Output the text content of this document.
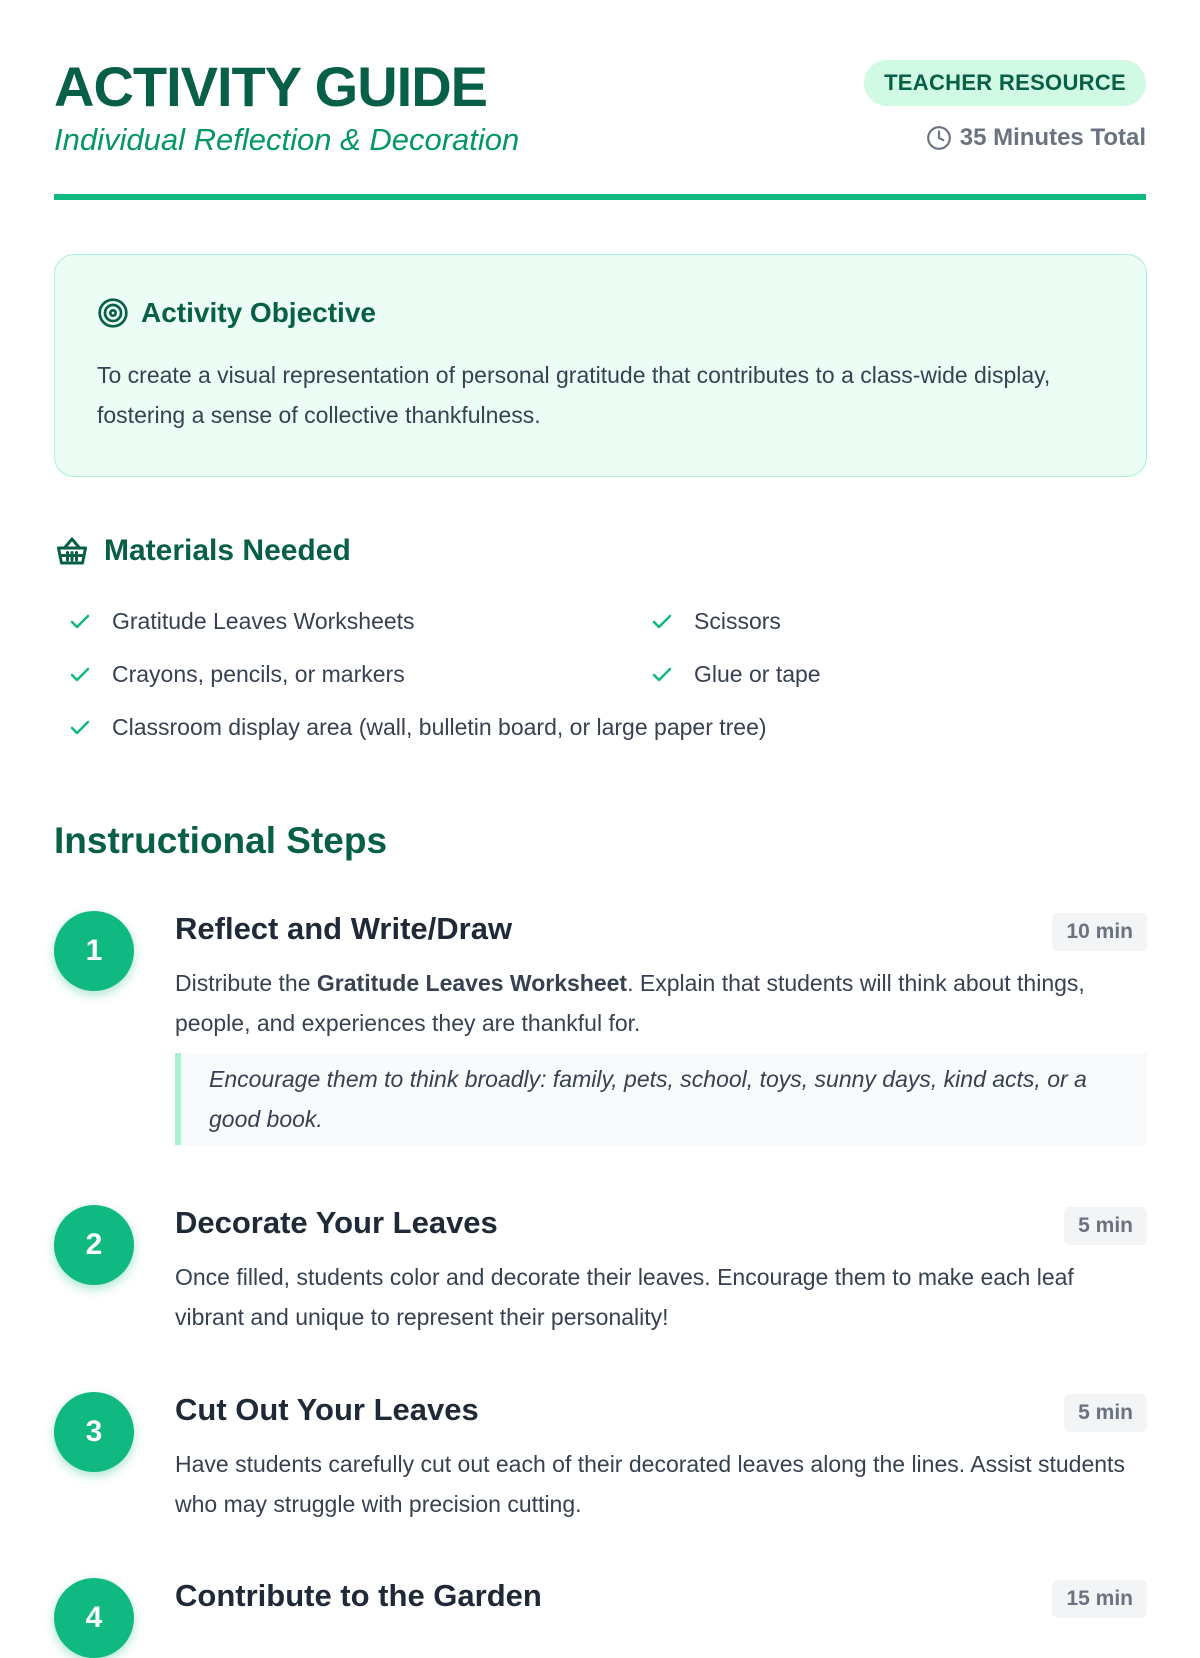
ACTIVITY GUIDE
Individual Reflection & Decoration
TEACHER RESOURCE
35 Minutes Total
Activity Objective
To create a visual representation of personal gratitude that contributes to a class-wide display, fostering a sense of collective thankfulness.
Materials Needed
Gratitude Leaves Worksheets	Scissors
Crayons, pencils, or markers	Glue or tape
Classroom display area (wall, bulletin board, or large paper tree)
Instructional Steps
1
Reflect and Write/Draw	10 min
Distribute the Gratitude Leaves Worksheet. Explain that students will think about things, people, and experiences they are thankful for.
Encourage them to think broadly: family, pets, school, toys, sunny days, kind acts, or a good book.
2
Decorate Your Leaves	5 min
Once filled, students color and decorate their leaves. Encourage them to make each leaf vibrant and unique to represent their personality!
3
Cut Out Your Leaves	5 min
Have students carefully cut out each of their decorated leaves along the lines. Assist students who may struggle with precision cutting.
4
Contribute to the Garden	15 min
